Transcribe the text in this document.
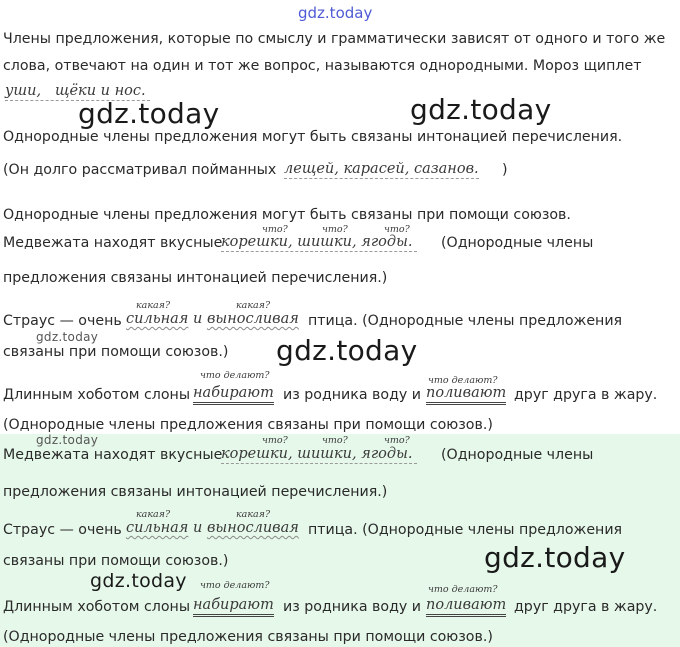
gdz.today
Члены предложения, которые по смыслу и грамматически зависят от одного и того же
слова, отвечают на один и тот же вопрос, называются однородными. Мороз щиплет
уши, щёки и нос.
Однородные члены предложения могут быть связаны интонацией перечисления.
(Он долго рассматривал пойманных лещей, карасей, сазанов. )
Однородные члены предложения могут быть связаны при помощи союзов.
что?	что?	что?
Медвежата находят вкусные
корешки, шишки, ягоды.	(Однородные члены
предложения связаны интонацией перечисления.)
какая?	какая?
Страус — очень сильная и выносливая птица. (Однородные члены предложения
связаны при помощи союзов.)
что делают?	что делают?
Длинным хоботом слоны набирают из родника воду и поливают друг друга в жару.
(Однородные члены предложения связаны при помощи союзов.)
что?	что?	что?
Медвежата находят вкусные
корешки, шишки, ягоды.	(Однородные члены
предложения связаны интонацией перечисления.)
какая?	какая?
Страус — очень сильная и выносливая птица. (Однородные члены предложения
связаны при помощи союзов.)
что делают?	что делают?
Длинным хоботом слоны набирают из родника воду и поливают друг друга в жару.
(Однородные члены предложения связаны при помощи союзов.)
gdz.today	gdz.today
gdz.today	gdz.today
gdz.today
gdz.today
gdz.today
